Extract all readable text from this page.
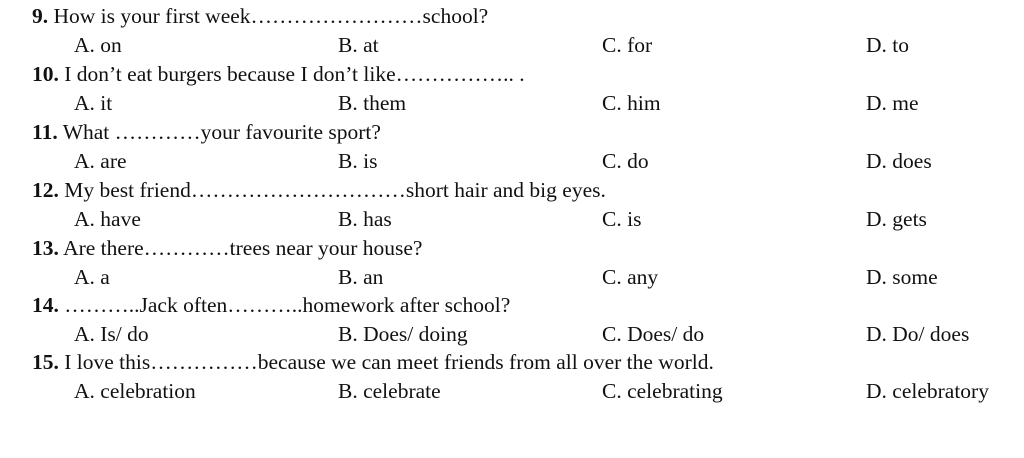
9. How is your first week……………………school?
A. on	B. at	C. for	D. to
10. I don’t eat burgers because I don’t like…………….. .
A. it	B. them	C. him	D. me
11. What …………your favourite sport?
A. are	B. is	C. do	D. does
12. My best friend…………………………short hair and big eyes.
A. have	B. has	C. is	D. gets
13. Are there…………trees near your house?
A. a	B. an	C. any	D. some
14. ………..Jack often………..homework after school?
A. Is/ do	B. Does/ doing	C. Does/ do	D. Do/ does
15. I love this……………because we can meet friends from all over the world.
A. celebration	B. celebrate	C. celebrating	D. celebratory
